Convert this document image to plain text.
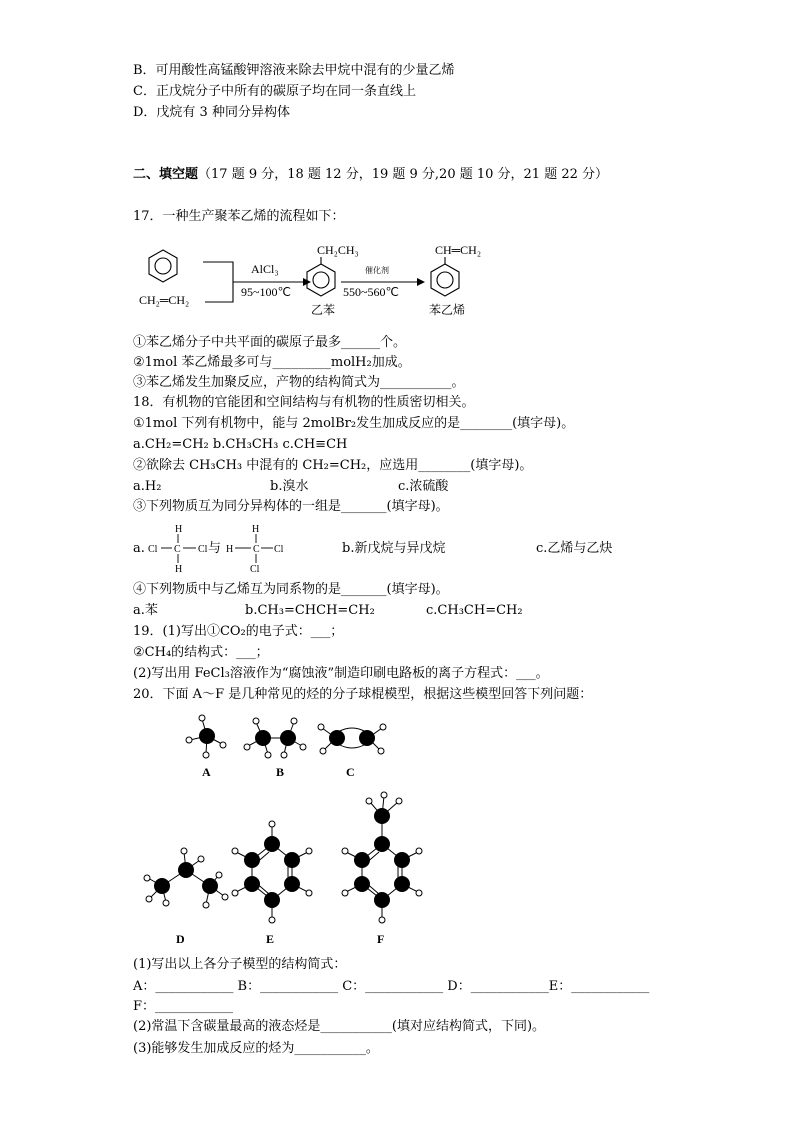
B．可用酸性高锰酸钾溶液来除去甲烷中混有的少量乙烯
C．正戊烷分子中所有的碳原子均在同一条直线上
D．戊烷有 3 种同分异构体
二、填空题（17 题 9 分，18 题 12 分，19 题 9 分,20 题 10 分，21 题 22 分）
17．一种生产聚苯乙烯的流程如下：
CH₂═CH₂
AlCl₃
95~100℃
CH₂CH₃
乙苯
催化剂
550~560℃
CH═CH₂
苯乙烯
①苯乙烯分子中共平面的碳原子最多______个。
②1mol 苯乙烯最多可与_________molH₂加成。
③苯乙烯发生加聚反应，产物的结构简式为___________。
18．有机物的官能团和空间结构与有机物的性质密切相关。
①1mol 下列有机物中，能与 2molBr₂发生加成反应的是________(填字母)。
a.CH₂=CH₂ b.CH₃CH₃ c.CH≡CH
②欲除去 CH₃CH₃ 中混有的 CH₂=CH₂，应选用________(填字母)。
a.H₂	b.溴水	c.浓硫酸
③下列物质互为同分异构体的一组是_______(填字母)。
a.
H
Cl C Cl
H
H C Cl
H
Cl
与	b.新戊烷与异戊烷	c.乙烯与乙炔
④下列物质中与乙烯互为同系物的是_______(填字母)。
a.苯	b.CH₃=CHCH=CH₂	c.CH₃CH=CH₂
19．(1)写出①CO₂的电子式：___；
②CH₄的结构式：___；
(2)写出用 FeCl₃溶液作为“腐蚀液”制造印刷电路板的离子方程式：___。
20．下面 A～F 是几种常见的烃的分子球棍模型，根据这些模型回答下列问题：
A	B	C
D	E	F
(1)写出以上各分子模型的结构简式：
A：____________ B：____________ C：____________ D：____________E：____________
F：____________
(2)常温下含碳量最高的液态烃是___________(填对应结构简式，下同)。
(3)能够发生加成反应的烃为___________。
